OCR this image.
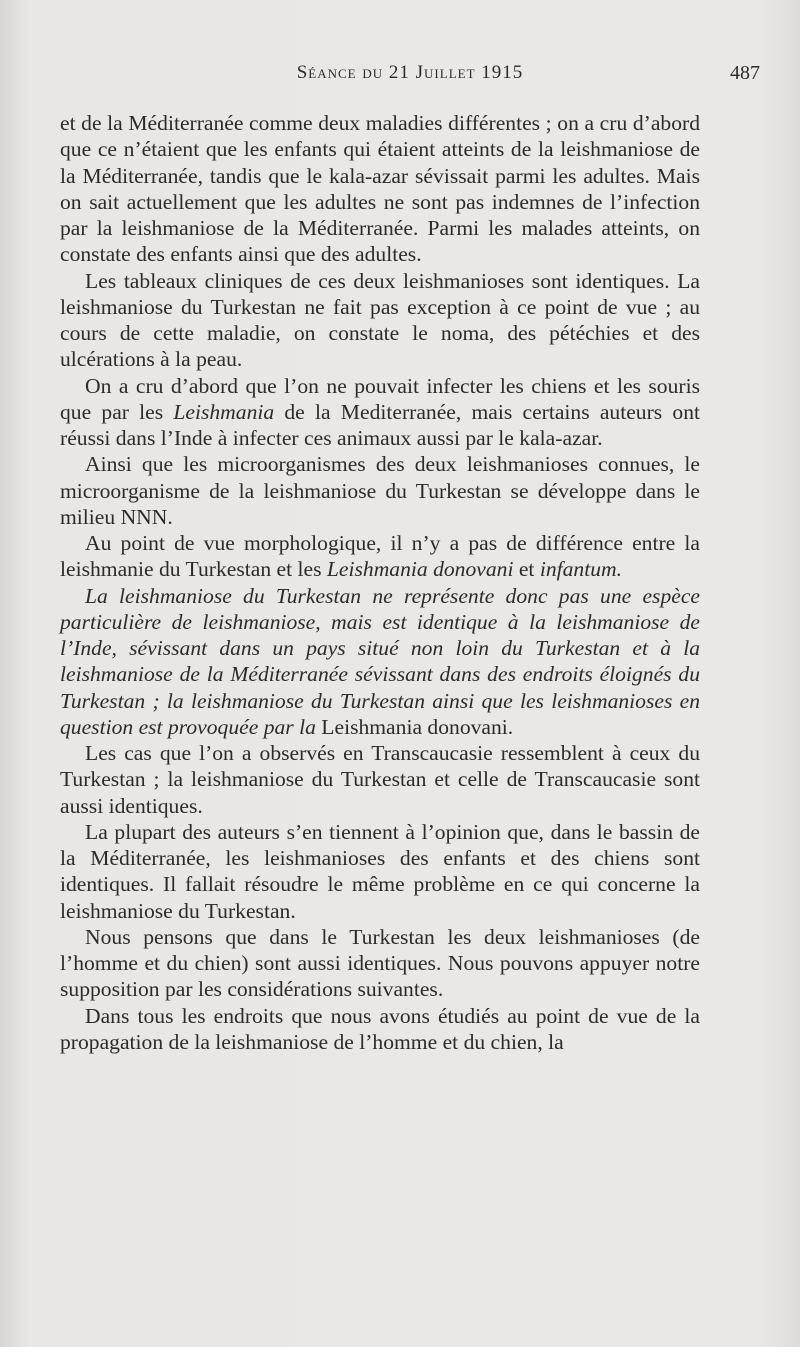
Séance du 21 Juillet 1915	487

et de la Méditerranée comme deux maladies différentes ; on a cru d’abord que ce n’étaient que les enfants qui étaient atteints de la leishmaniose de la Méditerranée, tandis que le kala-azar sévissait parmi les adultes. Mais on sait actuellement que les adultes ne sont pas indemnes de l’infection par la leishmaniose de la Méditerranée. Parmi les malades atteints, on constate des enfants ainsi que des adultes.

Les tableaux cliniques de ces deux leishmanioses sont identiques. La leishmaniose du Turkestan ne fait pas exception à ce point de vue ; au cours de cette maladie, on constate le noma, des pétéchies et des ulcérations à la peau.

On a cru d’abord que l’on ne pouvait infecter les chiens et les souris que par les Leishmania de la Mediterranée, mais certains auteurs ont réussi dans l’Inde à infecter ces animaux aussi par le kala-azar.

Ainsi que les microorganismes des deux leishmanioses connues, le microorganisme de la leishmaniose du Turkestan se développe dans le milieu NNN.

Au point de vue morphologique, il n’y a pas de différence entre la leishmanie du Turkestan et les Leishmania donovani et infantum.

La leishmaniose du Turkestan ne représente donc pas une espèce particulière de leishmaniose, mais est identique à la leishmaniose de l’Inde, sévissant dans un pays situé non loin du Turkestan et à la leishmaniose de la Méditerranée sévissant dans des endroits éloignés du Turkestan ; la leishmaniose du Turkestan ainsi que les leishmanioses en question est provoquée par la Leishmania donovani.

Les cas que l’on a observés en Transcaucasie ressemblent à ceux du Turkestan ; la leishmaniose du Turkestan et celle de Transcaucasie sont aussi identiques.

La plupart des auteurs s’en tiennent à l’opinion que, dans le bassin de la Méditerranée, les leishmanioses des enfants et des chiens sont identiques. Il fallait résoudre le même problème en ce qui concerne la leishmaniose du Turkestan.

Nous pensons que dans le Turkestan les deux leishmanioses (de l’homme et du chien) sont aussi identiques. Nous pouvons appuyer notre supposition par les considérations suivantes.

Dans tous les endroits que nous avons étudiés au point de vue de la propagation de la leishmaniose de l’homme et du chien, la
